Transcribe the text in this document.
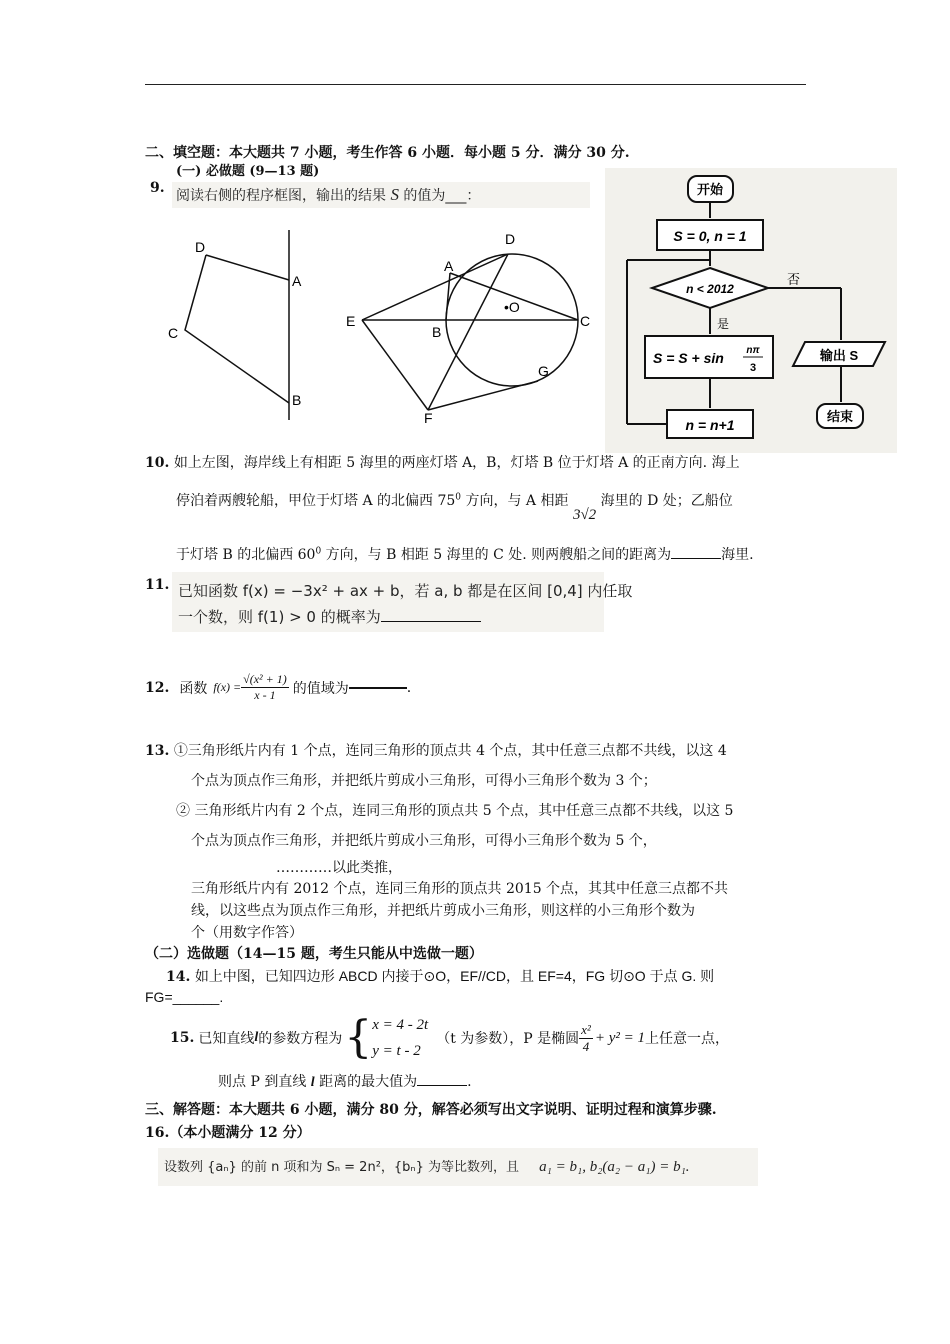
二、填空题：本大题共 7 小题，考生作答 6 小题．每小题 5 分．满分 30 分.
(一) 必做题 (9—13 题)
9. 阅读右侧的程序框图，输出的结果 S 的值为___：
D
A
C
B
D
A
E
B
•O
C
G
F
开始
S = 0, n = 1
n < 2012
否
是
S = S + sin nπ
3
n = n+1
输出 S
结束
10. 如上左图，海岸线上有相距 5 海里的两座灯塔 A，B，灯塔 B 位于灯塔 A 的正南方向. 海上
停泊着两艘轮船，甲位于灯塔 A 的北偏西 $75^0$ 方向，与 A 相距 3√2 海里的 D 处；乙船位
于灯塔 B 的北偏西 $60^0$ 方向，与 B 相距 5 海里的 C 处. 则两艘船之间的距离为	海里.
11. 已知函数 f(x) = −3x² + ax + b，若 a, b 都是在区间 [0,4] 内任取
一个数，则 f(1) > 0 的概率为
12. 函数 $f(x) = \frac{\text{√(x² + 1)}}{x - 1}$ 的值域为	.
13. ①三角形纸片内有 1 个点，连同三角形的顶点共 4 个点，其中任意三点都不共线，以这 4
个点为顶点作三角形，并把纸片剪成小三角形，可得小三角形个数为 3 个；
② 三角形纸片内有 2 个点，连同三角形的顶点共 5 个点，其中任意三点都不共线，以这 5
个点为顶点作三角形，并把纸片剪成小三角形，可得小三角形个数为 5 个，
…………以此类推，
三角形纸片内有 2012 个点，连同三角形的顶点共 2015 个点，其其中任意三点都不共
线，以这些点为顶点作三角形，并把纸片剪成小三角形，则这样的小三角形个数为
个（用数字作答）
（二）选做题（14—15 题，考生只能从中选做一题）
14. 如上中图，已知四边形 ABCD 内接于⊙O，EF//CD，且 EF=4，FG 切⊙O 于点 G. 则
FG=______.
15. 已知直线 l 的参数方程为 { x = 4 - 2t
y = t - 2
（t 为参数），P 是椭圆 $\frac{\text{x²}}{4} + y^2 = 1$ 上任意一点，
则点 P 到直线 l 距离的最大值为	.
三、解答题：本大题共 6 小题，满分 80 分，解答必须写出文字说明、证明过程和演算步骤.
16.（本小题满分 12 分）
设数列 {aₙ} 的前 n 项和为 Sₙ = 2n²，{bₙ} 为等比数列，且 a₁ = b₁, b₂(a₂ − a₁) = b₁.
